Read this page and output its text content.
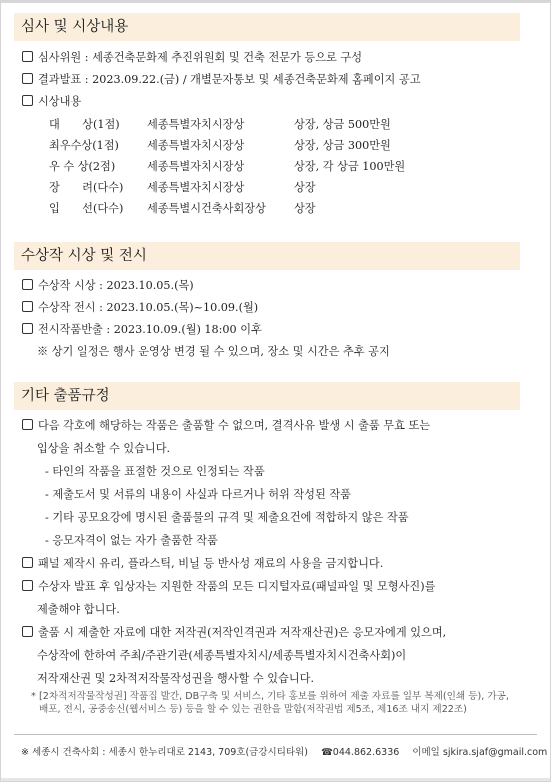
심사 및 시상내용
심사위원 : 세종건축문화제 추진위원회 및 건축 전문가 등으로 구성
결과발표 : 2023.09.22.(금) / 개별문자통보 및 세종건축문화제 홈페이지 공고
시상내용
대　　상(1점) 세종특별자치시장상	상장, 상금 500만원
최우수상(1점)	세종특별자치시장상	상장, 상금 300만원
우 수 상(2점)	세종특별자치시장상	상장, 각 상금 100만원
장　　려(다수) 세종특별자치시장상	상장
입　　선(다수) 세종특별시건축사회장상	상장
수상작 시상 및 전시
수상작 시상 : 2023.10.05.(목)
수상작 전시 : 2023.10.05.(목)~10.09.(월)
전시작품반출 : 2023.10.09.(월) 18:00 이후
※ 상기 일정은 행사 운영상 변경 될 수 있으며, 장소 및 시간은 추후 공지
기타 출품규정
다음 각호에 해당하는 작품은 출품할 수 없으며, 결격사유 발생 시 출품 무효 또는
입상을 취소할 수 있습니다.
- 타인의 작품을 표절한 것으로 인정되는 작품
- 제출도서 및 서류의 내용이 사실과 다르거나 허위 작성된 작품
- 기타 공모요강에 명시된 출품물의 규격 및 제출요건에 적합하지 않은 작품
- 응모자격이 없는 자가 출품한 작품
패널 제작시 유리, 플라스틱, 비닐 등 반사성 재료의 사용을 금지합니다.
수상자 발표 후 입상자는 지원한 작품의 모든 디지털자료(패널파일 및 모형사진)를
제출해야 합니다.
출품 시 제출한 자료에 대한 저작권(저작인격권과 저작재산권)은 응모자에게 있으며,
수상작에 한하여 주최/주관기관(세종특별자치시/세종특별자치시건축사회)이
저작재산권 및 2차적저작물작성권을 행사할 수 있습니다.
* [2차적저작물작성권] 작품집 발간, DB구축 및 서비스, 기타 홍보를 위하여 제출 자료를 일부 복제(인쇄 등), 가공, 배포, 전시, 공중송신(웹서비스 등) 등을 할 수 있는 권한을 말함(저작권법 제5조, 제16조 내지 제22조)
※ 세종시 건축사회 : 세종시 한누리대로 2143, 709호(금강시티타워) ☎044.862.6336 이메일 sjkira.sjaf@gmail.com
